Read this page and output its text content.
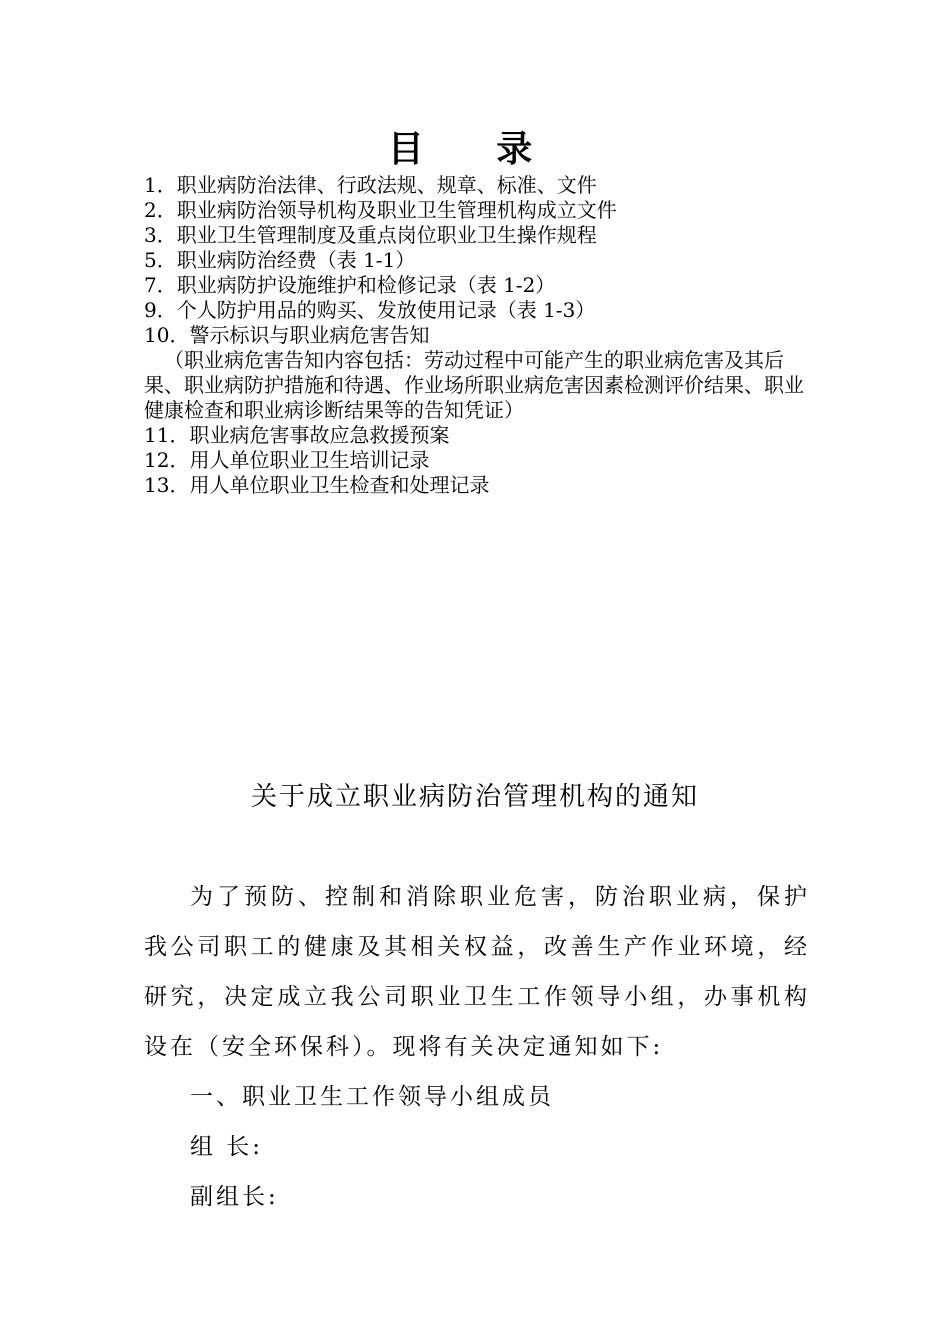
目 录
1．职业病防治法律、行政法规、规章、标准、文件
2．职业病防治领导机构及职业卫生管理机构成立文件
3．职业卫生管理制度及重点岗位职业卫生操作规程
5．职业病防治经费（表 1-1）
7．职业病防护设施维护和检修记录（表 1-2）
9．个人防护用品的购买、发放使用记录（表 1-3）
10．警示标识与职业病危害告知
（职业病危害告知内容包括：劳动过程中可能产生的职业病危害及其后果、职业病防护措施和待遇、作业场所职业病危害因素检测评价结果、职业健康检查和职业病诊断结果等的告知凭证）
11．职业病危害事故应急救援预案
12．用人单位职业卫生培训记录
13．用人单位职业卫生检查和处理记录
关于成立职业病防治管理机构的通知
为了预防、控制和消除职业危害，防治职业病，保护我公司职工的健康及其相关权益，改善生产作业环境，经研究，决定成立我公司职业卫生工作领导小组，办事机构设在（安全环保科）。现将有关决定通知如下:
一、职业卫生工作领导小组成员
组 长:
副组长:
